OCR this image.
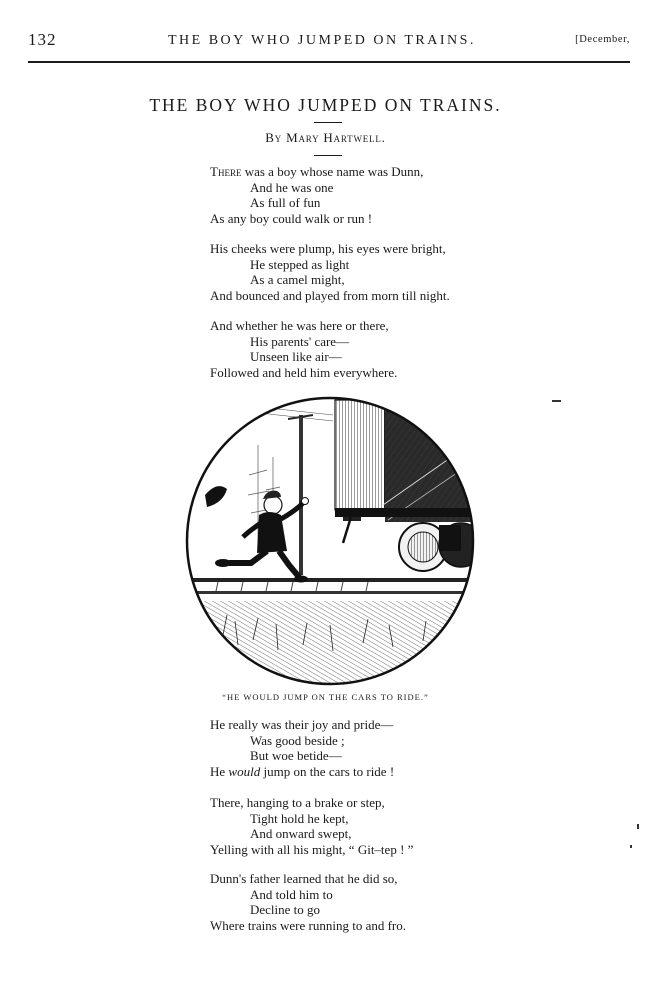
132	THE BOY WHO JUMPED ON TRAINS.	[December,
THE BOY WHO JUMPED ON TRAINS.
By Mary Hartwell.
There was a boy whose name was Dunn,
And he was one
As full of fun
As any boy could walk or run !
His cheeks were plump, his eyes were bright,
He stepped as light
As a camel might,
And bounced and played from morn till night.
And whether he was here or there,
His parents' care—
Unseen like air—
Followed and held him everywhere.
“HE WOULD JUMP ON THE CARS TO RIDE.”
He really was their joy and pride—
Was good beside ;
But woe betide—
He would jump on the cars to ride !
There, hanging to a brake or step,
Tight hold he kept,
And onward swept,
Yelling with all his might, “ Git–tep ! ”
Dunn's father learned that he did so,
And told him to
Decline to go
Where trains were running to and fro.
